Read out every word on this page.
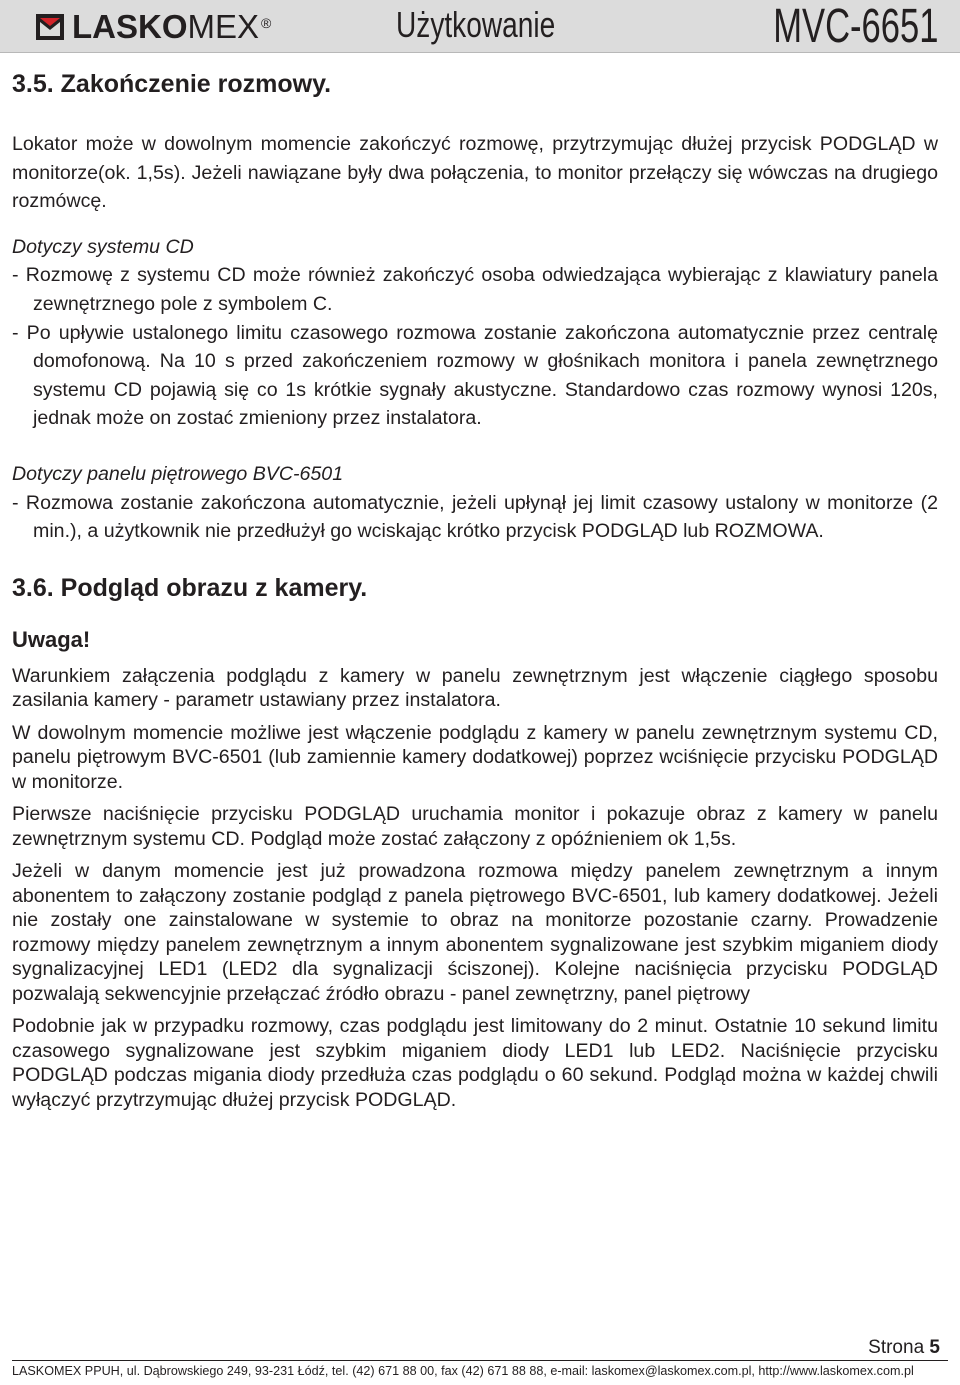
LASKOMEX ®	Użytkowanie	MVC-6651
3.5. Zakończenie rozmowy.

Lokator może w dowolnym momencie zakończyć rozmowę, przytrzymując dłużej przycisk PODGLĄD w monitorze(ok. 1,5s). Jeżeli nawiązane były dwa połączenia, to monitor przełączy się wówczas na drugiego rozmówcę.

Dotyczy systemu CD

- Rozmowę z systemu CD może również zakończyć osoba odwiedzająca wybierając z klawiatury panela zewnętrznego pole z symbolem C.

- Po upływie ustalonego limitu czasowego rozmowa zostanie zakończona automatycznie przez centralę domofonową. Na 10 s przed zakończeniem rozmowy w głośnikach monitora i panela zewnętrznego systemu CD pojawią się co 1s krótkie sygnały akustyczne. Standardowo czas rozmowy wynosi 120s, jednak może on zostać zmieniony przez instalatora.

Dotyczy panelu piętrowego BVC-6501

- Rozmowa zostanie zakończona automatycznie, jeżeli upłynął jej limit czasowy ustalony w monitorze (2 min.), a użytkownik nie przedłużył go wciskając krótko przycisk PODGLĄD lub ROZMOWA.

3.6. Podgląd obrazu z kamery.
Uwaga!

Warunkiem załączenia podglądu z kamery w panelu zewnętrznym jest włączenie ciągłego sposobu zasilania kamery - parametr ustawiany przez instalatora.

W dowolnym momencie możliwe jest włączenie podglądu z kamery w panelu zewnętrznym systemu CD, panelu piętrowym BVC-6501 (lub zamiennie kamery dodatkowej) poprzez wciśnięcie przycisku PODGLĄD w monitorze.

Pierwsze naciśnięcie przycisku PODGLĄD uruchamia monitor i pokazuje obraz z kamery w panelu zewnętrznym systemu CD. Podgląd może zostać załączony z opóźnieniem ok 1,5s.

Jeżeli w danym momencie jest już prowadzona rozmowa między panelem zewnętrznym a innym abonentem to załączony zostanie podgląd z panela piętrowego BVC-6501, lub kamery dodatkowej. Jeżeli nie zostały one zainstalowane w systemie to obraz na monitorze pozostanie czarny. Prowadzenie rozmowy między panelem zewnętrznym a innym abonentem sygnalizowane jest szybkim miganiem diody sygnalizacyjnej LED1 (LED2 dla sygnalizacji ściszonej). Kolejne naciśnięcia przycisku PODGLĄD pozwalają sekwencyjnie przełączać źródło obrazu - panel zewnętrzny, panel piętrowy

Podobnie jak w przypadku rozmowy, czas podglądu jest limitowany do 2 minut. Ostatnie 10 sekund limitu czasowego sygnalizowane jest szybkim miganiem diody LED1 lub LED2. Naciśnięcie przycisku PODGLĄD podczas migania diody przedłuża czas podglądu o 60 sekund. Podgląd można w każdej chwili wyłączyć przytrzymując dłużej przycisk PODGLĄD.

Strona 5
LASKOMEX PPUH, ul. Dąbrowskiego 249, 93-231 Łódź, tel. (42) 671 88 00, fax (42) 671 88 88, e-mail: laskomex@laskomex.com.pl, http://www.laskomex.com.pl
